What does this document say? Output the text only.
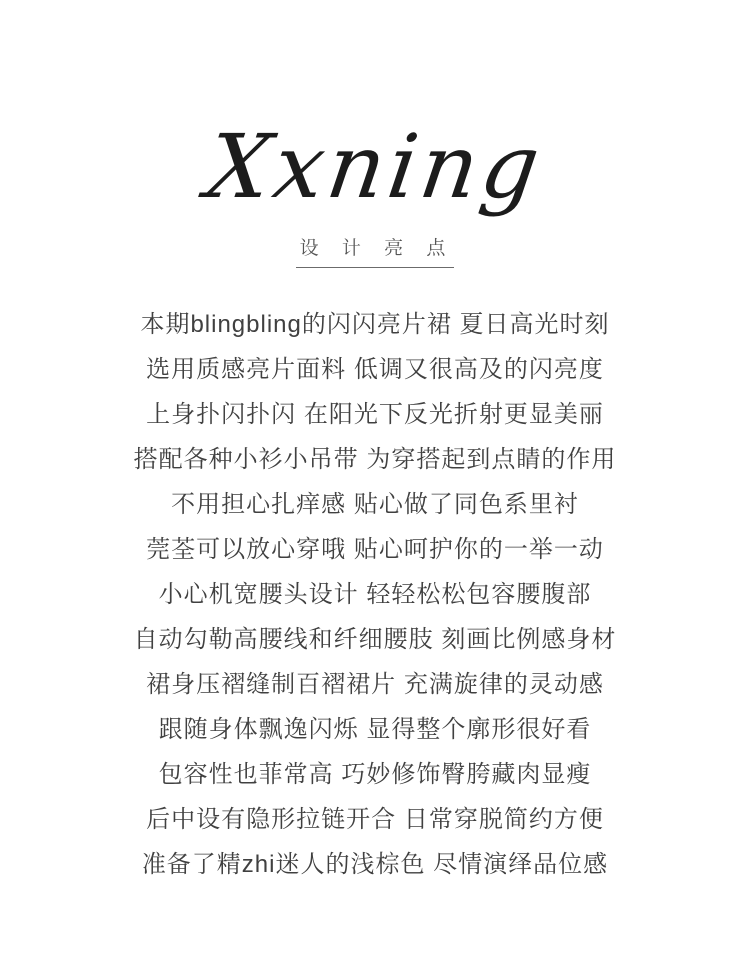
Xxning
设 计 亮 点

本期blingbling的闪闪亮片裙 夏日高光时刻

选用质感亮片面料 低调又很高及的闪亮度

上身扑闪扑闪 在阳光下反光折射更显美丽

搭配各种小衫小吊带 为穿搭起到点睛的作用

不用担心扎痒感 贴心做了同色系里衬

莞荃可以放心穿哦 贴心呵护你的一举一动

小心机宽腰头设计 轻轻松松包容腰腹部

自动勾勒高腰线和纤细腰肢 刻画比例感身材

裙身压褶缝制百褶裙片 充满旋律的灵动感

跟随身体飘逸闪烁 显得整个廓形很好看

包容性也菲常高 巧妙修饰臀胯藏肉显瘦

后中设有隐形拉链开合 日常穿脱简约方便

准备了精zhi迷人的浅棕色 尽情演绎品位感
